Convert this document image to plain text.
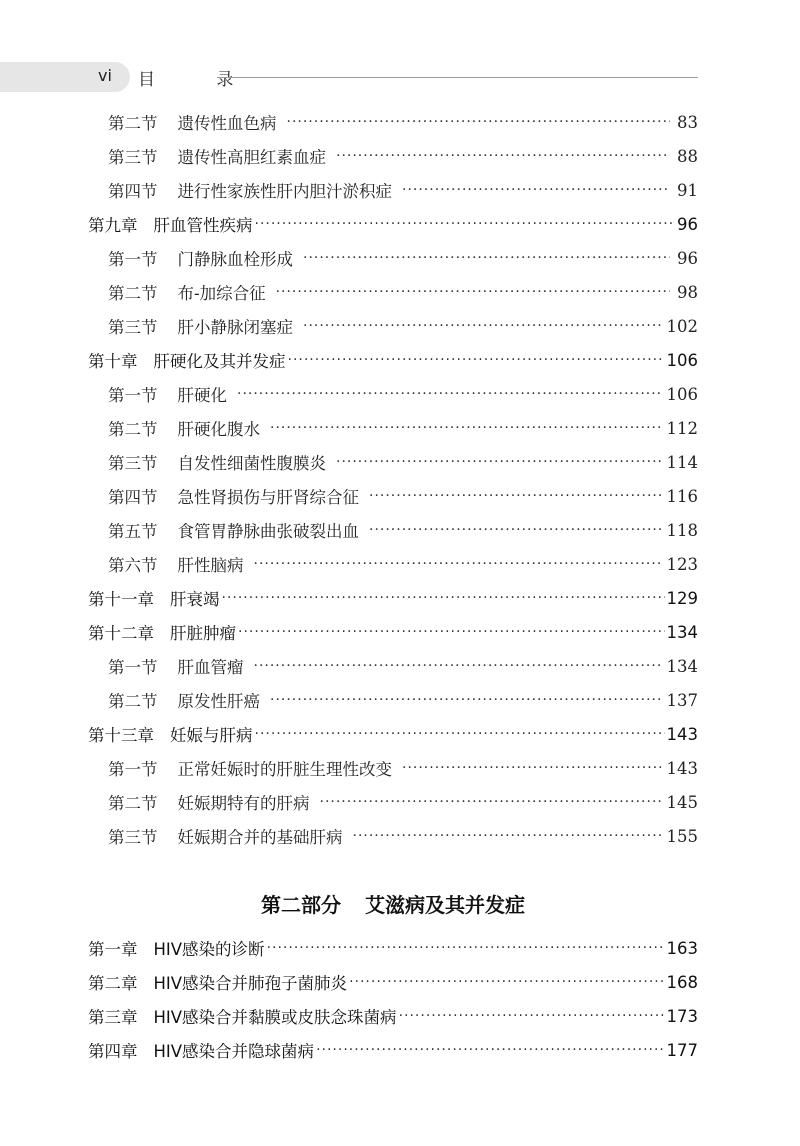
vi 目 录
第二节 遗传性血色病 ·····	83
第三节 遗传性高胆红素血症 ·····	88
第四节 进行性家族性肝内胆汁淤积症 ·····	91
第九章 肝血管性疾病 ·····	96
第一节 门静脉血栓形成 ·····	96
第二节 布-加综合征 ·····	98
第三节 肝小静脉闭塞症 ·····	102
第十章 肝硬化及其并发症 ·····	106
第一节 肝硬化 ·····	106
第二节 肝硬化腹水 ·····	112
第三节 自发性细菌性腹膜炎 ·····	114
第四节 急性肾损伤与肝肾综合征 ·····	116
第五节 食管胃静脉曲张破裂出血 ·····	118
第六节 肝性脑病 ·····	123
第十一章 肝衰竭 ·····	129
第十二章 肝脏肿瘤 ·····	134
第一节 肝血管瘤 ·····	134
第二节 原发性肝癌 ·····	137
第十三章 妊娠与肝病 ·····	143
第一节 正常妊娠时的肝脏生理性改变 ·····	143
第二节 妊娠期特有的肝病 ·····	145
第三节 妊娠期合并的基础肝病 ·····	155
第二部分 艾滋病及其并发症
第一章 HIV感染的诊断 ·····	163
第二章 HIV感染合并肺孢子菌肺炎 ·····	168
第三章 HIV感染合并黏膜或皮肤念珠菌病 ·····	173
第四章 HIV感染合并隐球菌病 ·····	177
